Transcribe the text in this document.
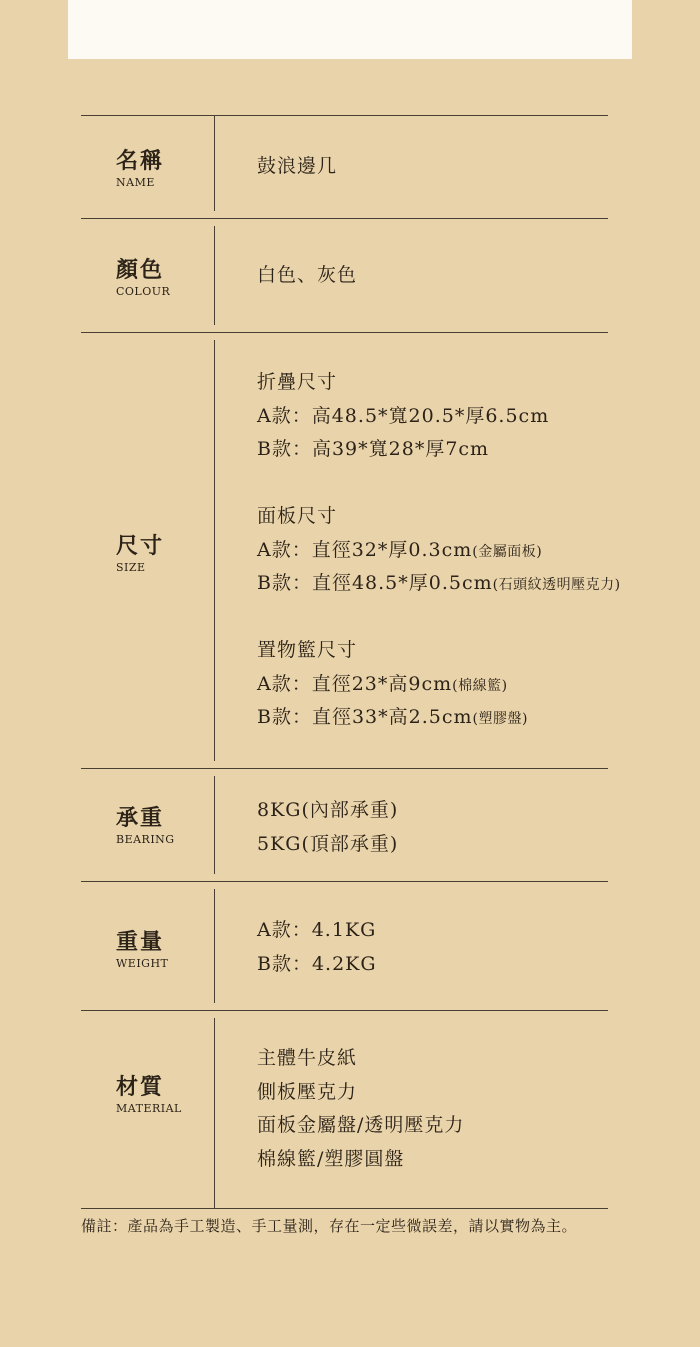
名稱
NAME
鼓浪邊几
顏色
COLOUR
白色、灰色
尺寸
SIZE
折疊尺寸
A款：高48.5*寬20.5*厚6.5cm
B款：高39*寬28*厚7cm
面板尺寸
A款：直徑32*厚0.3cm(金屬面板)
B款：直徑48.5*厚0.5cm(石頭紋透明壓克力)
置物籃尺寸
A款：直徑23*高9cm(棉線籃)
B款：直徑33*高2.5cm(塑膠盤)
承重
BEARING
8KG(內部承重)
5KG(頂部承重)
重量
WEIGHT
A款：4.1KG
B款：4.2KG
材質
MATERIAL
主體牛皮紙
側板壓克力
面板金屬盤/透明壓克力
棉線籃/塑膠圓盤
備註：產品為手工製造、手工量測，存在一定些微誤差，請以實物為主。
